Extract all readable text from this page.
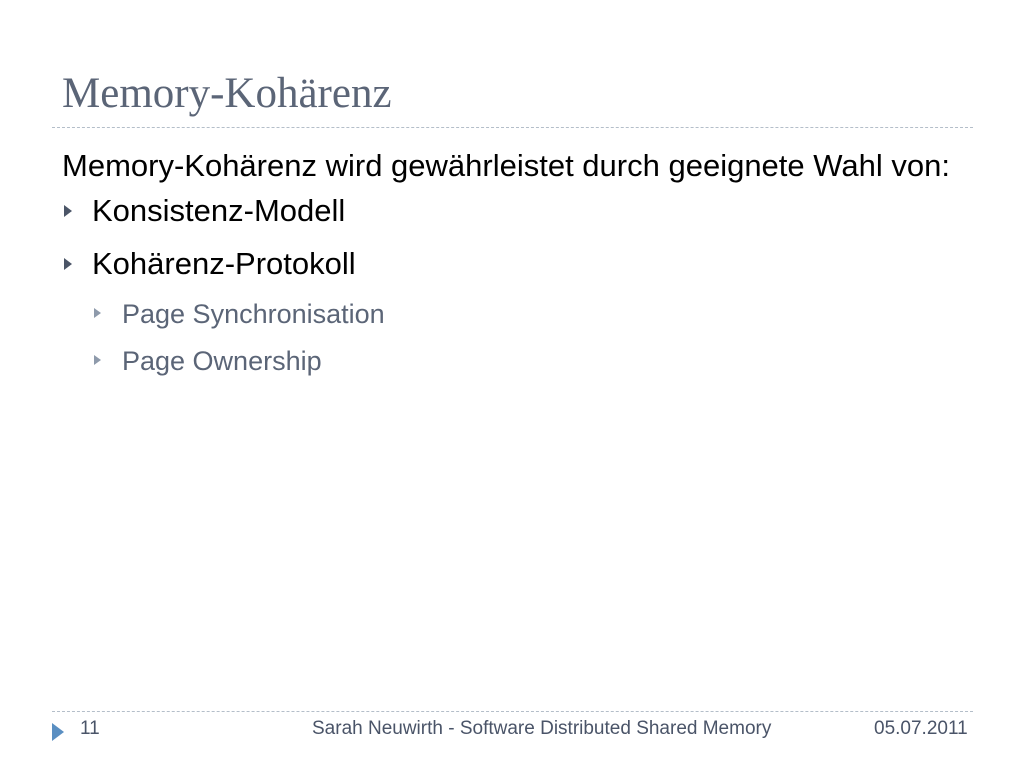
Memory-Kohärenz
Memory-Kohärenz wird gewährleistet durch geeignete Wahl von:
Konsistenz-Modell
Kohärenz-Protokoll
Page Synchronisation
Page Ownership
11	Sarah Neuwirth - Software Distributed Shared Memory	05.07.2011
